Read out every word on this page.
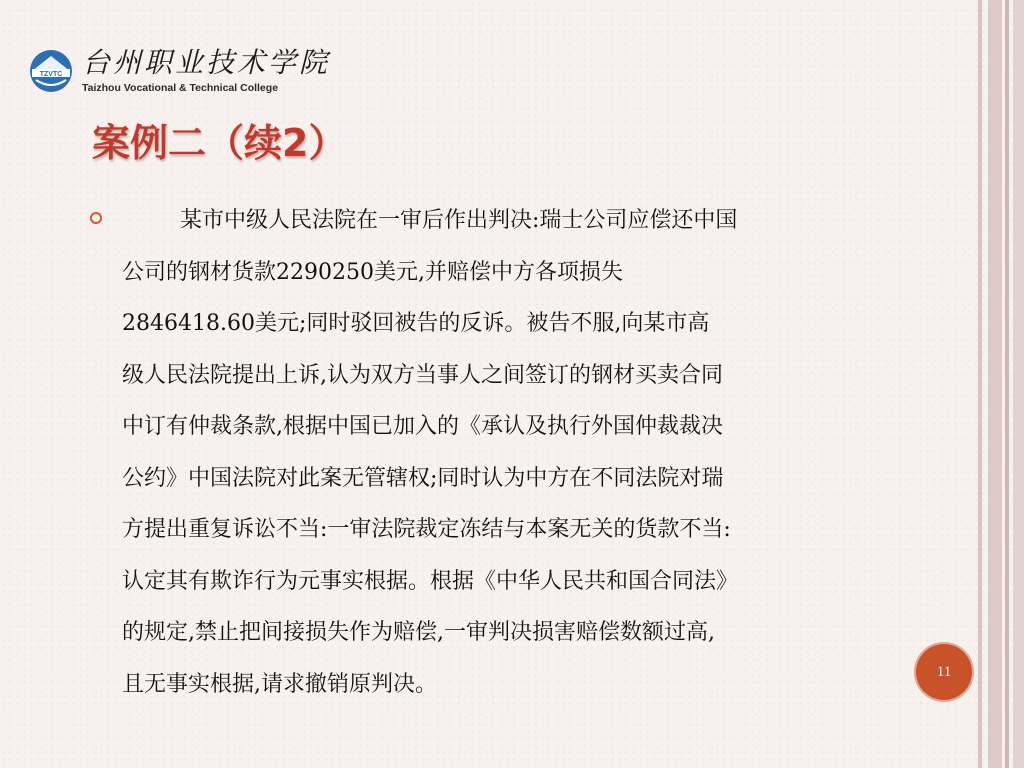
TZVTC 台州职业技术学院
Taizhou Vocational & Technical College
案例二（续2）
某市中级人民法院在一审后作出判决:瑞士公司应偿还中国
公司的钢材货款2290250美元,并赔偿中方各项损失
2846418.60美元;同时驳回被告的反诉。被告不服,向某市高
级人民法院提出上诉,认为双方当事人之间签订的钢材买卖合同
中订有仲裁条款,根据中国已加入的《承认及执行外国仲裁裁决
公约》中国法院对此案无管辖权;同时认为中方在不同法院对瑞
方提出重复诉讼不当:一审法院裁定冻结与本案无关的货款不当:
认定其有欺诈行为元事实根据。根据《中华人民共和国合同法》
的规定,禁止把间接损失作为赔偿,一审判决损害赔偿数额过高,
且无事实根据,请求撤销原判决。	11
